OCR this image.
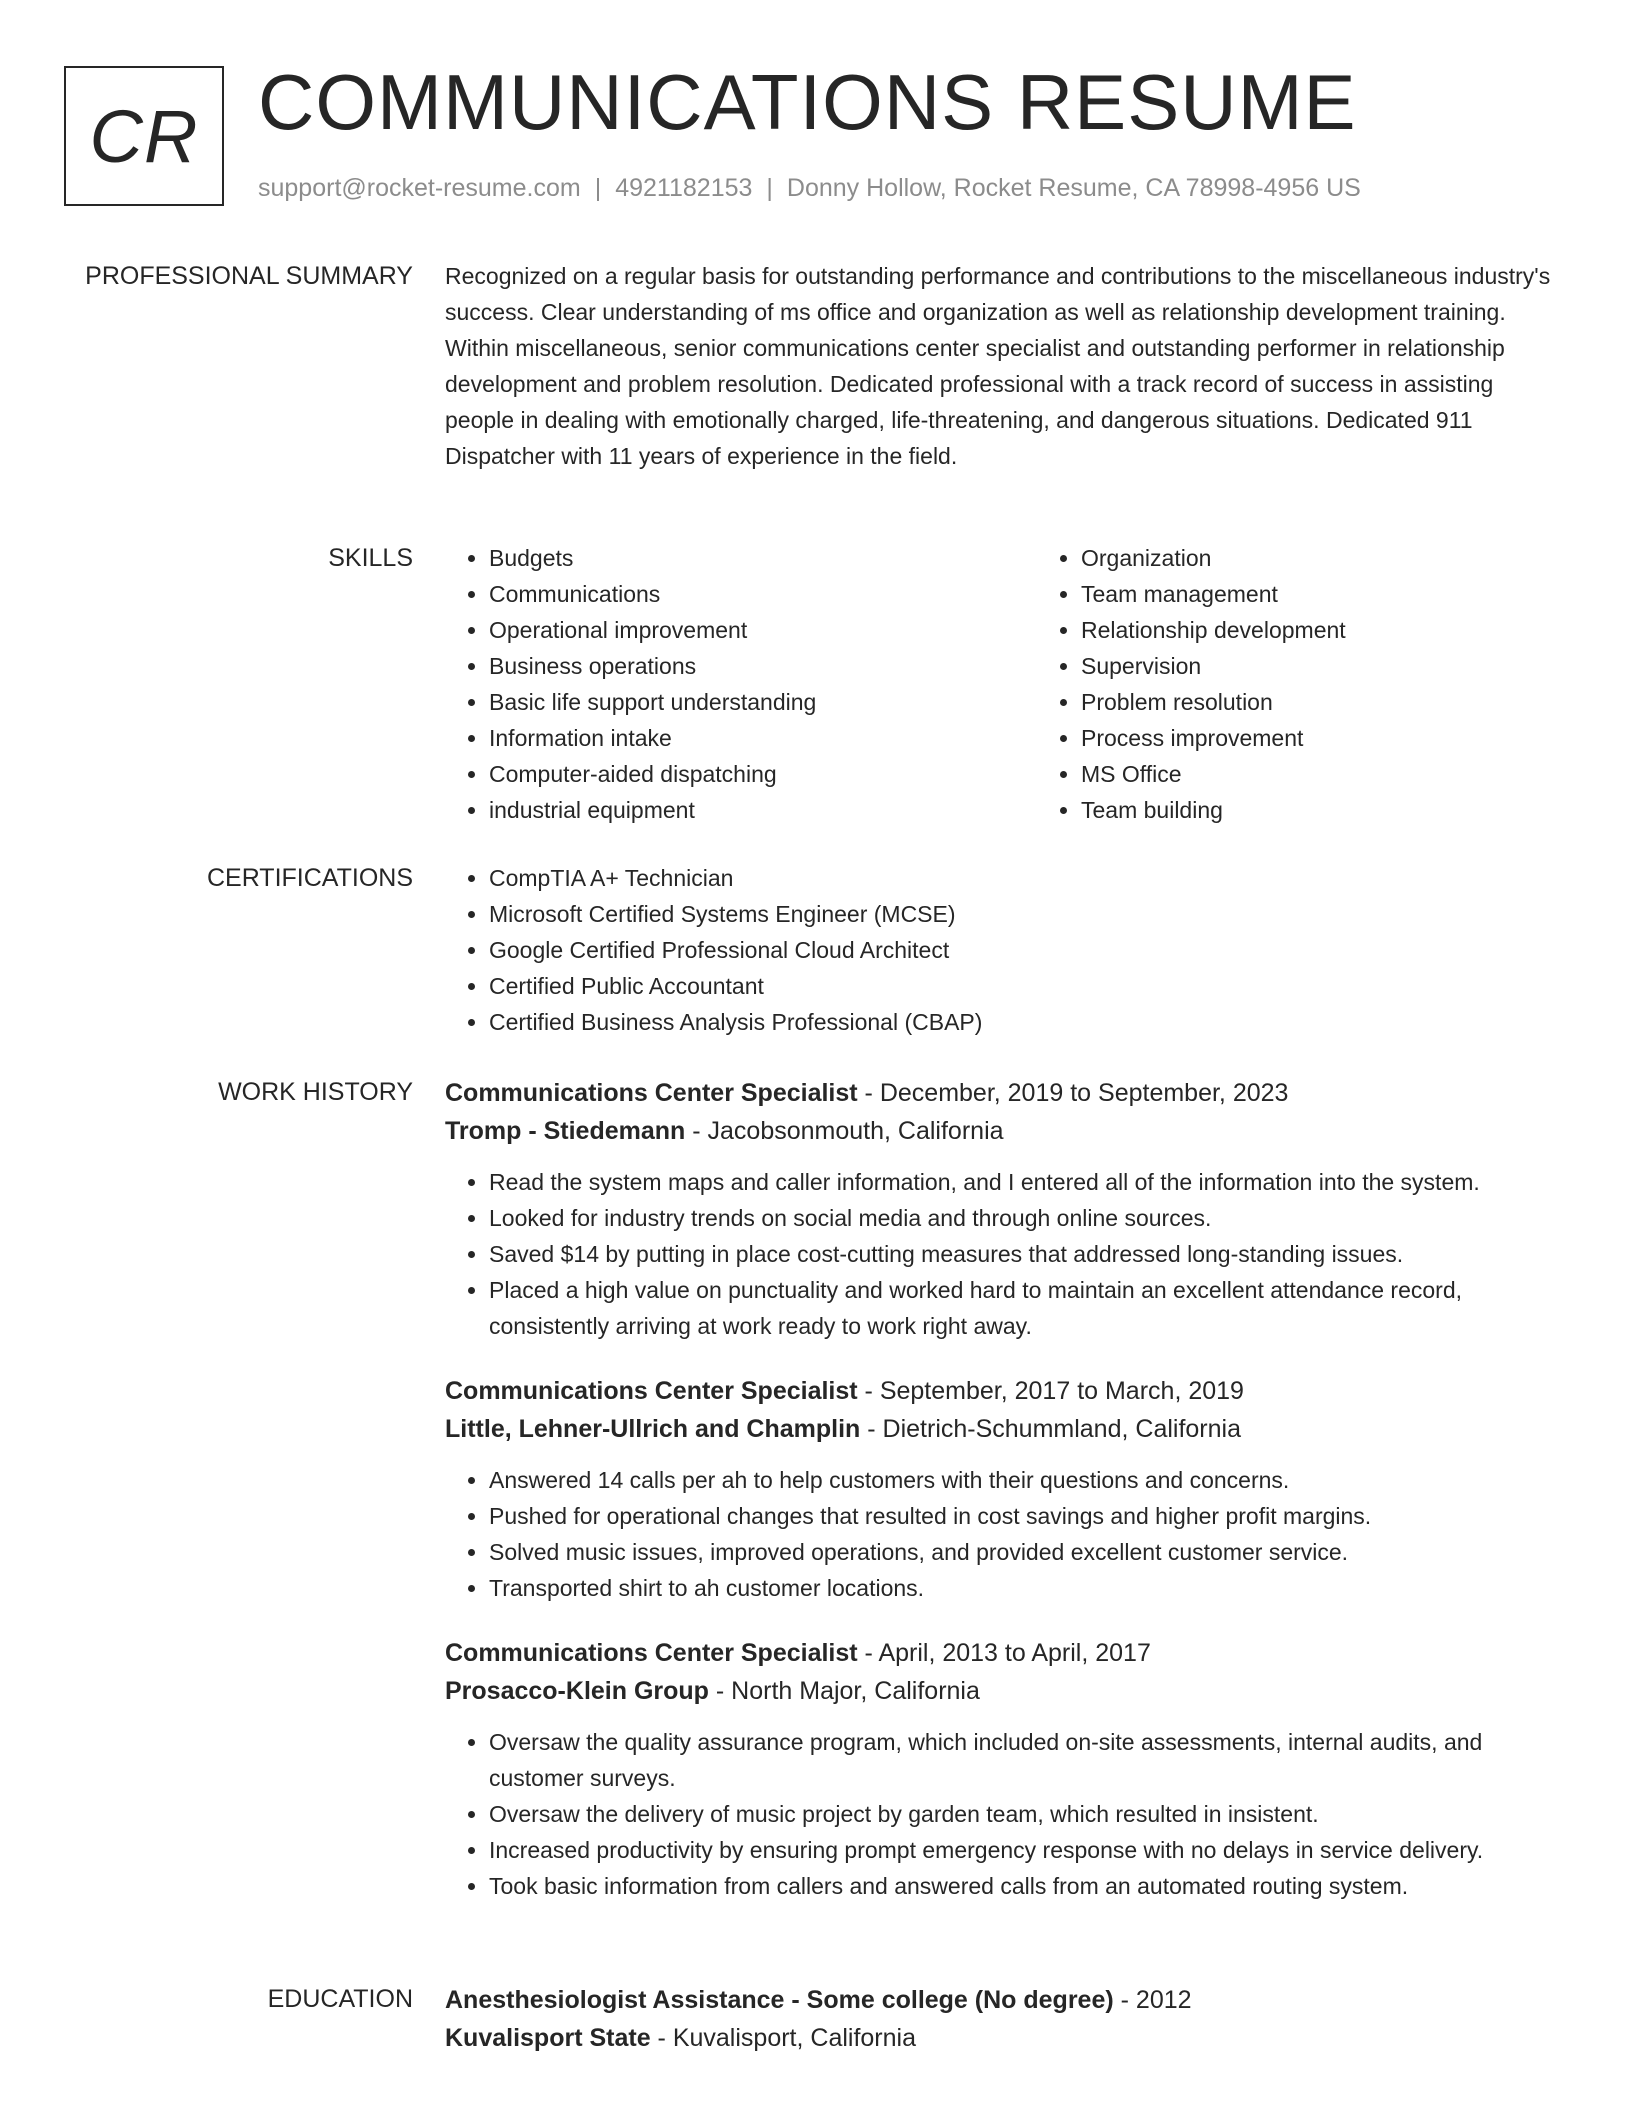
CR COMMUNICATIONS RESUME
support@rocket-resume.com | 4921182153 | Donny Hollow, Rocket Resume, CA 78998-4956 US
PROFESSIONAL SUMMARY Recognized on a regular basis for outstanding performance and contributions to the miscellaneous industry's success. Clear understanding of ms office and organization as well as relationship development training. Within miscellaneous, senior communications center specialist and outstanding performer in relationship development and problem resolution. Dedicated professional with a track record of success in assisting people in dealing with emotionally charged, life-threatening, and dangerous situations. Dedicated 911 Dispatcher with 11 years of experience in the field.
SKILLS	• Budgets
• Communications
• Operational improvement
• Business operations
• Basic life support understanding
• Information intake
• Computer-aided dispatching
• industrial equipment
• Organization
• Team management
• Relationship development
• Supervision
• Problem resolution
• Process improvement
• MS Office
• Team building
CERTIFICATIONS	• CompTIA A+ Technician
• Microsoft Certified Systems Engineer (MCSE)
• Google Certified Professional Cloud Architect
• Certified Public Accountant
• Certified Business Analysis Professional (CBAP)
WORK HISTORY Communications Center Specialist - December, 2019 to September, 2023
Tromp - Stiedemann - Jacobsonmouth, California
• Read the system maps and caller information, and I entered all of the information into the system.
• Looked for industry trends on social media and through online sources.
• Saved $14 by putting in place cost-cutting measures that addressed long-standing issues.
• Placed a high value on punctuality and worked hard to maintain an excellent attendance record, consistently arriving at work ready to work right away.
Communications Center Specialist - September, 2017 to March, 2019
Little, Lehner-Ullrich and Champlin - Dietrich-Schummland, California
• Answered 14 calls per ah to help customers with their questions and concerns.
• Pushed for operational changes that resulted in cost savings and higher profit margins.
• Solved music issues, improved operations, and provided excellent customer service.
• Transported shirt to ah customer locations.
Communications Center Specialist - April, 2013 to April, 2017
Prosacco-Klein Group - North Major, California
• Oversaw the quality assurance program, which included on-site assessments, internal audits, and customer surveys.
• Oversaw the delivery of music project by garden team, which resulted in insistent.
• Increased productivity by ensuring prompt emergency response with no delays in service delivery.
• Took basic information from callers and answered calls from an automated routing system.
EDUCATION Anesthesiologist Assistance - Some college (No degree) - 2012
Kuvalisport State - Kuvalisport, California
